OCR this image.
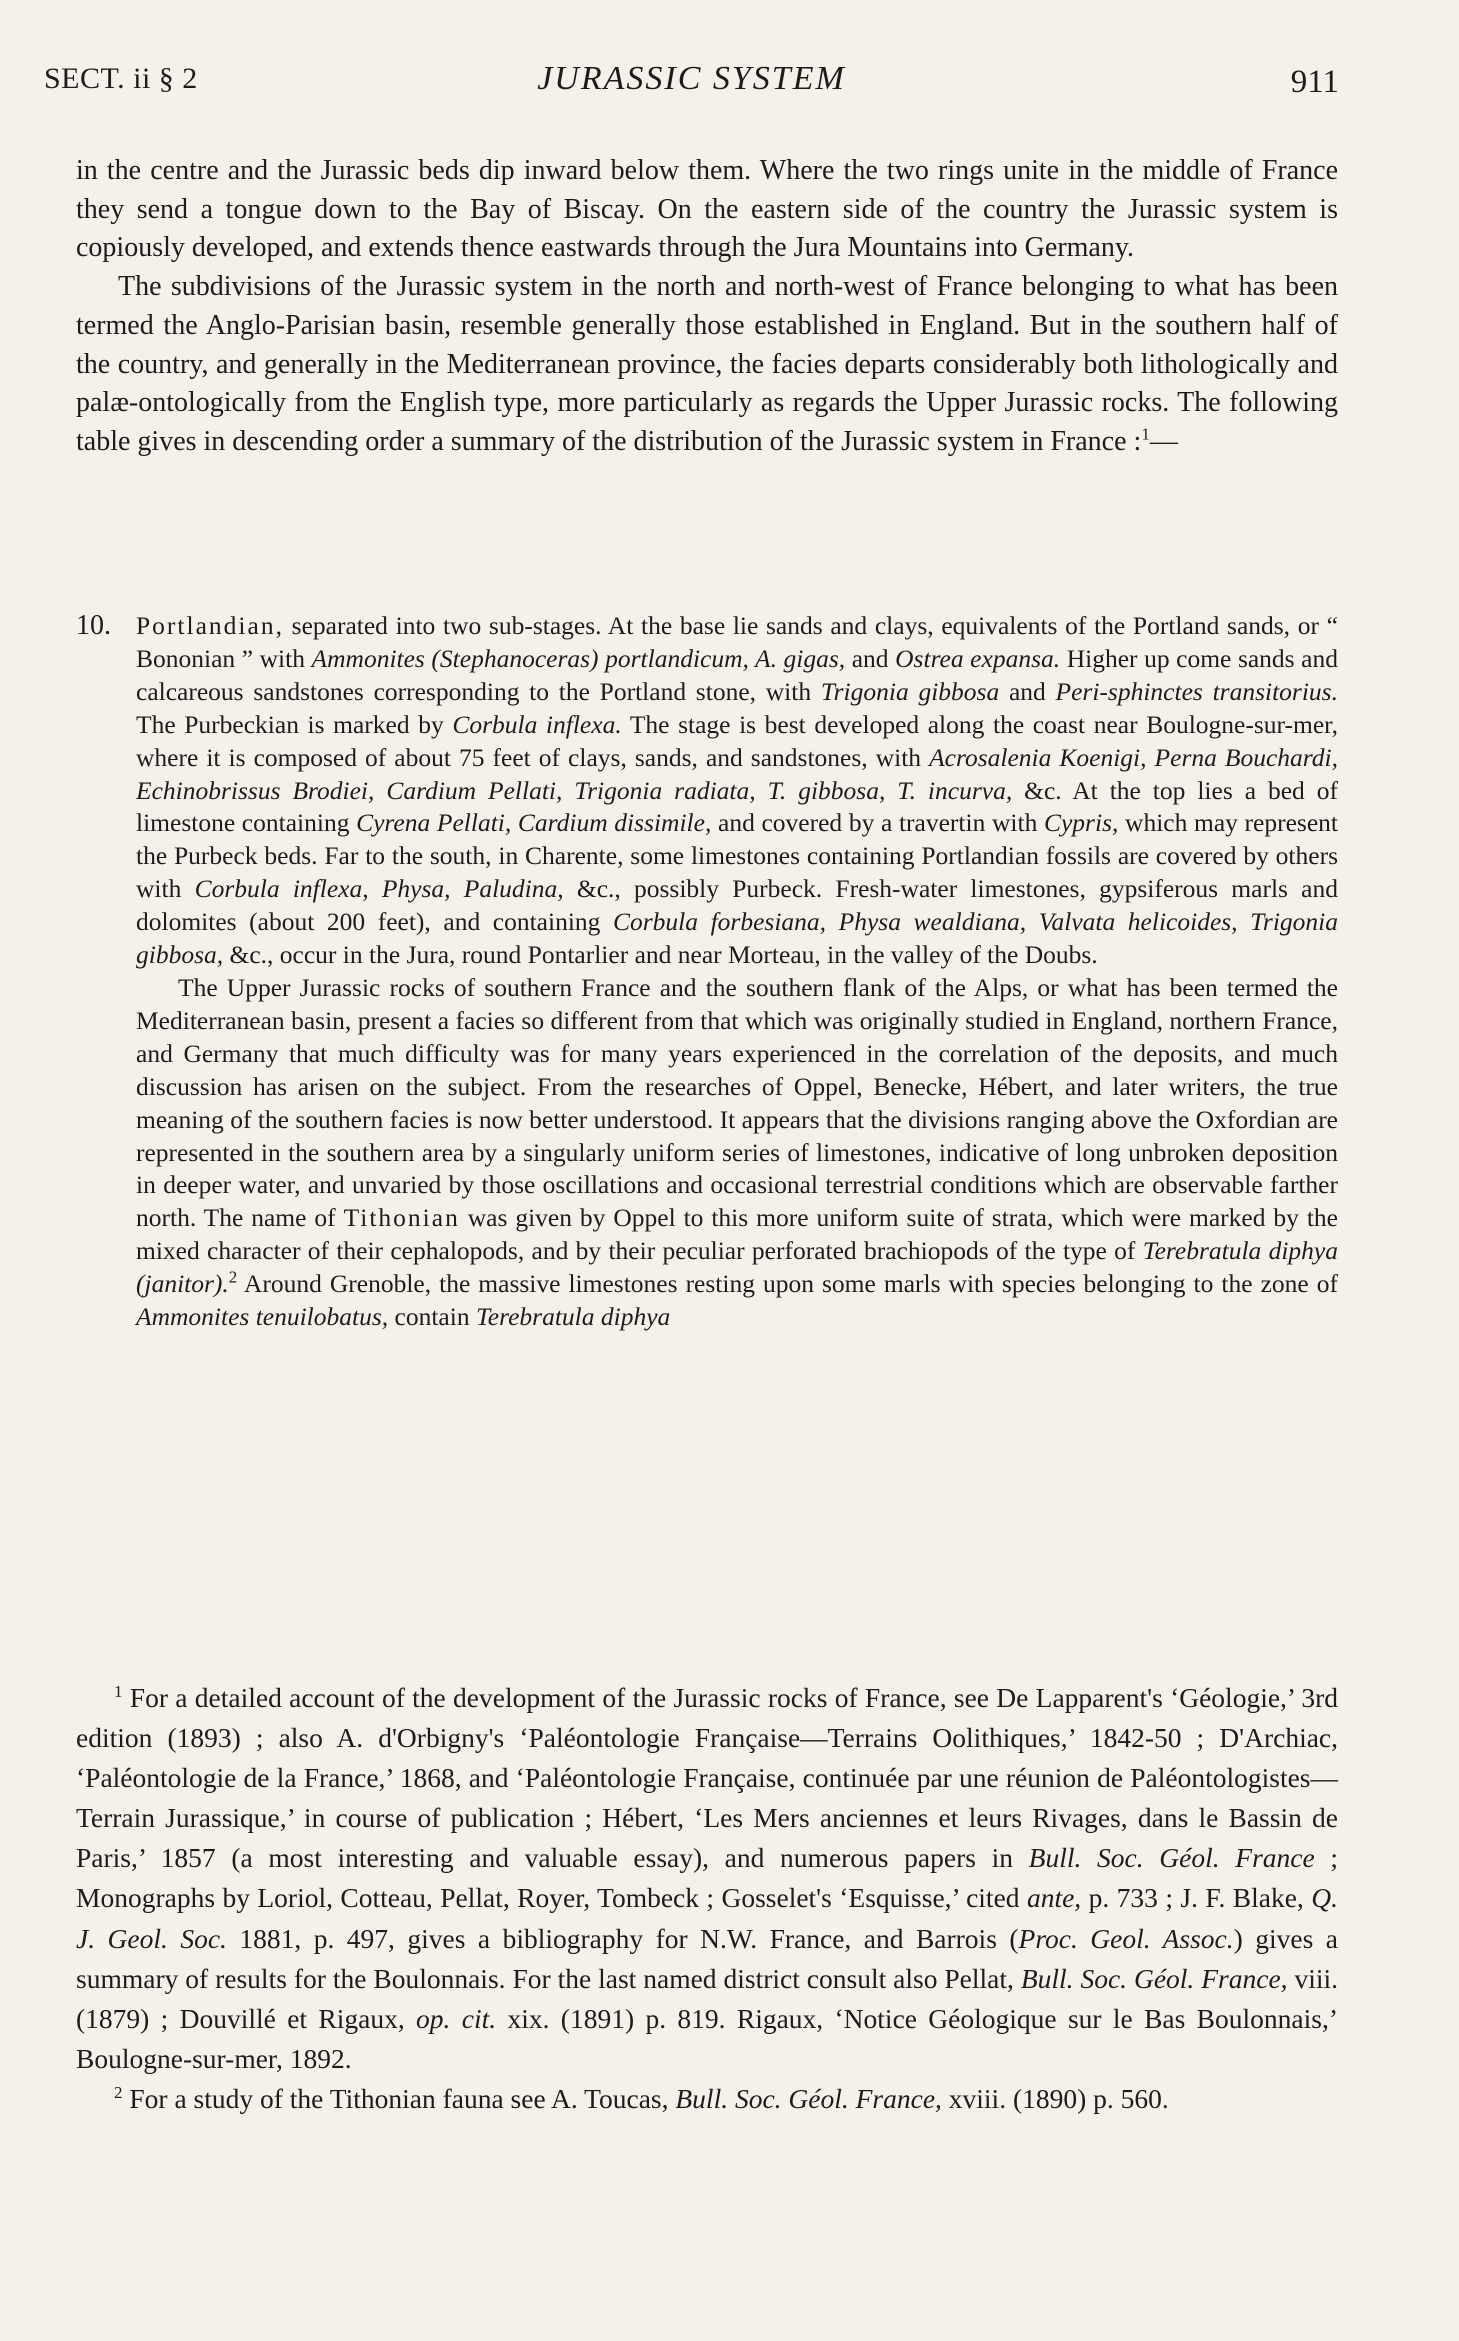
SECT. ii § 2	JURASSIC SYSTEM	911

in the centre and the Jurassic beds dip inward below them. Where the two rings unite in the middle of France they send a tongue down to the Bay of Biscay. On the eastern side of the country the Jurassic system is copiously developed, and extends thence eastwards through the Jura Mountains into Germany.

The subdivisions of the Jurassic system in the north and north-west of France belonging to what has been termed the Anglo-Parisian basin, resemble generally those established in England. But in the southern half of the country, and generally in the Mediterranean province, the facies departs considerably both lithologically and palæ-ontologically from the English type, more particularly as regards the Upper Jurassic rocks. The following table gives in descending order a summary of the distribution of the Jurassic system in France :$^1$—

10. Portlandian, separated into two sub-stages. At the base lie sands and clays, equivalents of the Portland sands, or “ Bononian ” with Ammonites (Stephanoceras) portlandicum, A. gigas, and Ostrea expansa. Higher up come sands and calcareous sandstones corresponding to the Portland stone, with Trigonia gibbosa and Peri-sphinctes transitorius. The Purbeckian is marked by Corbula inflexa. The stage is best developed along the coast near Boulogne-sur-mer, where it is composed of about 75 feet of clays, sands, and sandstones, with Acrosalenia Koenigi, Perna Bouchardi, Echinobrissus Brodiei, Cardium Pellati, Trigonia radiata, T. gibbosa, T. incurva, &c. At the top lies a bed of limestone containing Cyrena Pellati, Cardium dissimile, and covered by a travertin with Cypris, which may represent the Purbeck beds. Far to the south, in Charente, some limestones containing Portlandian fossils are covered by others with Corbula inflexa, Physa, Paludina, &c., possibly Purbeck. Fresh-water limestones, gypsiferous marls and dolomites (about 200 feet), and containing Corbula forbesiana, Physa wealdiana, Valvata helicoides, Trigonia gibbosa, &c., occur in the Jura, round Pontarlier and near Morteau, in the valley of the Doubs.

The Upper Jurassic rocks of southern France and the southern flank of the Alps, or what has been termed the Mediterranean basin, present a facies so different from that which was originally studied in England, northern France, and Germany that much difficulty was for many years experienced in the correlation of the deposits, and much discussion has arisen on the subject. From the researches of Oppel, Benecke, Hébert, and later writers, the true meaning of the southern facies is now better understood. It appears that the divisions ranging above the Oxfordian are represented in the southern area by a singularly uniform series of limestones, indicative of long unbroken deposition in deeper water, and unvaried by those oscillations and occasional terrestrial conditions which are observable farther north. The name of Tithonian was given by Oppel to this more uniform suite of strata, which were marked by the mixed character of their cephalopods, and by their peculiar perforated brachiopods of the type of Terebratula diphya (janitor).$^2$ Around Grenoble, the massive limestones resting upon some marls with species belonging to the zone of Ammonites tenuilobatus, contain Terebratula diphya

$^1$ For a detailed account of the development of the Jurassic rocks of France, see De Lapparent's ‘Géologie,’ 3rd edition (1893) ; also A. d'Orbigny's ‘Paléontologie Française—Terrains Oolithiques,’ 1842-50 ; D'Archiac, ‘Paléontologie de la France,’ 1868, and ‘Paléontologie Française, continuée par une réunion de Paléontologistes—Terrain Jurassique,’ in course of publication ; Hébert, ‘Les Mers anciennes et leurs Rivages, dans le Bassin de Paris,’ 1857 (a most interesting and valuable essay), and numerous papers in Bull. Soc. Géol. France ; Monographs by Loriol, Cotteau, Pellat, Royer, Tombeck ; Gosselet's ‘Esquisse,’ cited ante, p. 733 ; J. F. Blake, Q. J. Geol. Soc. 1881, p. 497, gives a bibliography for N.W. France, and Barrois (Proc. Geol. Assoc.) gives a summary of results for the Boulonnais. For the last named district consult also Pellat, Bull. Soc. Géol. France, viii. (1879) ; Douvillé et Rigaux, op. cit. xix. (1891) p. 819. Rigaux, ‘Notice Géologique sur le Bas Boulonnais,’ Boulogne-sur-mer, 1892.

$^2$ For a study of the Tithonian fauna see A. Toucas, Bull. Soc. Géol. France, xviii. (1890) p. 560.
